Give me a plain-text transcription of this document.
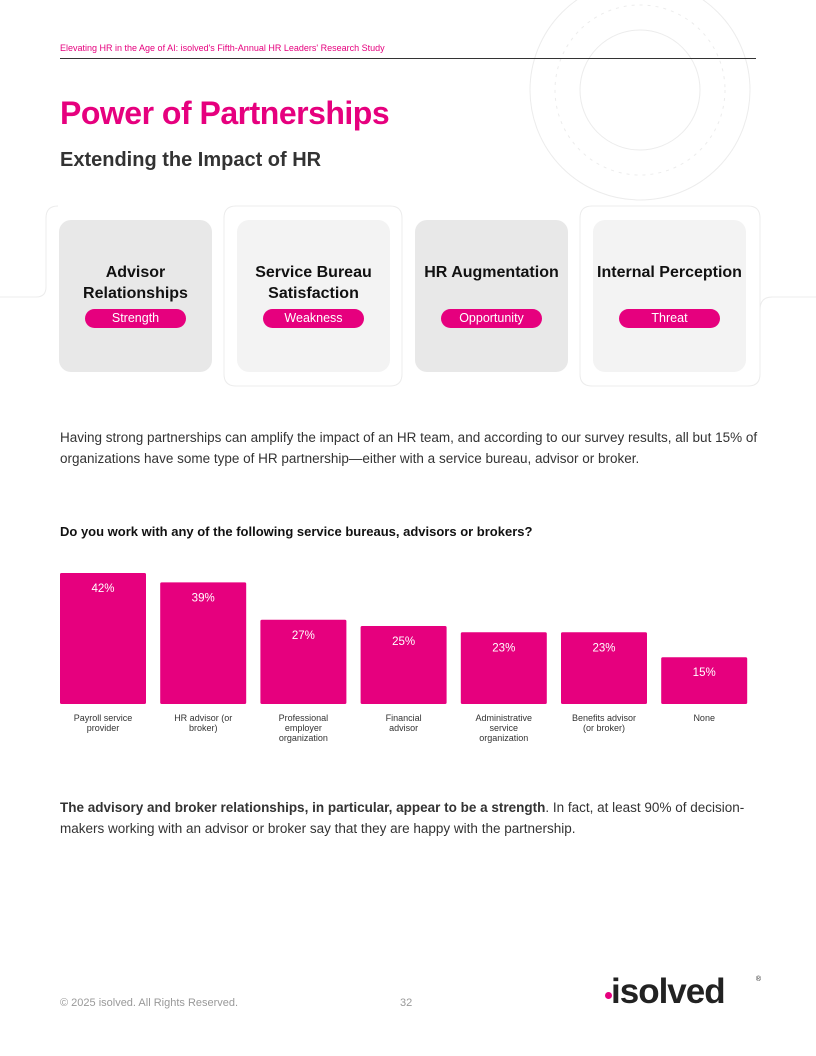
Elevating HR in the Age of AI: isolved's Fifth-Annual HR Leaders' Research Study
Power of Partnerships
Extending the Impact of HR
Advisor Relationships
Strength
Service Bureau Satisfaction
Weakness
HR Augmentation
Opportunity
Internal Perception
Threat

Having strong partnerships can amplify the impact of an HR team, and according to our survey results, all but 15% of organizations have some type of HR partnership—either with a service bureau, advisor or broker.

Do you work with any of the following service bureaus, advisors or brokers?

42%
Payroll service provider
39%
HR advisor (or broker)
27%
Professional employer organization
25%
Financial advisor
23%
Administrative service organization
23%
Benefits advisor (or broker)
15%
None

The advisory and broker relationships, in particular, appear to be a strength. In fact, at least 90% of decision-makers working with an advisor or broker say that they are happy with the partnership.

© 2025 isolved. All Rights Reserved.	32	isolved	®
